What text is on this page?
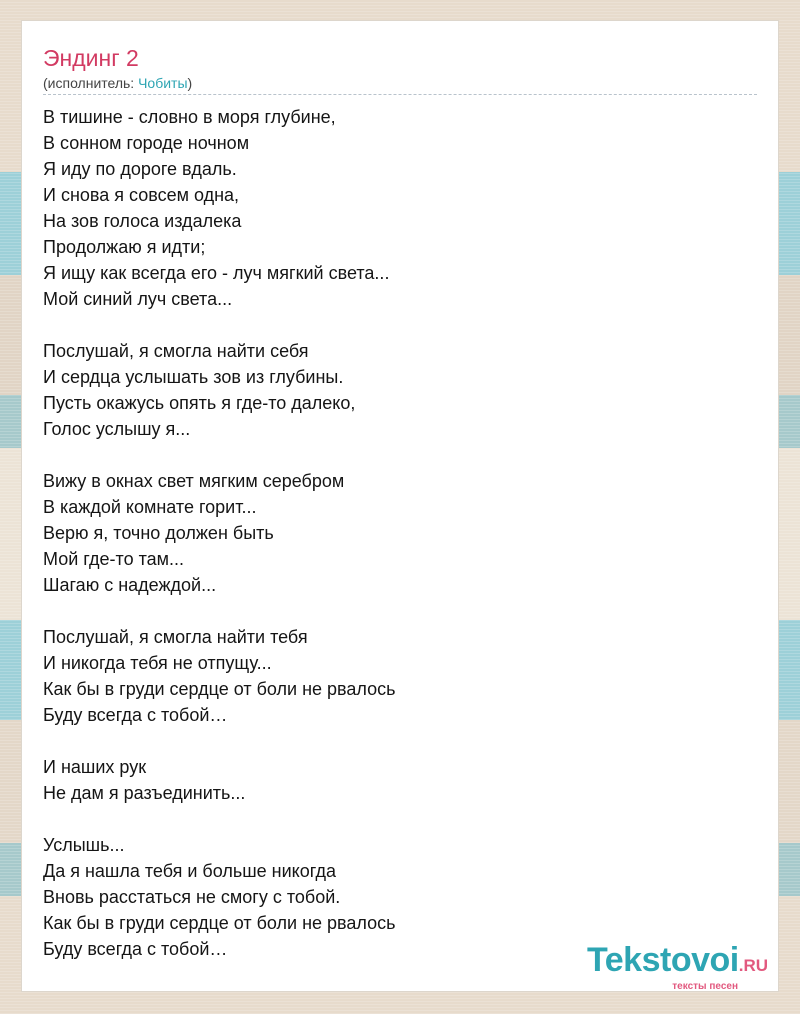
Эндинг 2
(исполнитель: Чобиты)
В тишине - словно в моря глубине,
В сонном городе ночном
Я иду по дороге вдаль.
И снова я совсем одна,
На зов голоса издалека
Продолжаю я идти;
Я ищу как всегда его - луч мягкий света...
Мой синий луч света...
Послушай, я смогла найти себя
И сердца услышать зов из глубины.
Пусть окажусь опять я где-то далеко,
Голос услышу я...
Вижу в окнах свет мягким серебром
В каждой комнате горит...
Верю я, точно должен быть
Мой где-то там...
Шагаю с надеждой...
Послушай, я смогла найти тебя
И никогда тебя не отпущу...
Как бы в груди сердце от боли не рвалось
Буду всегда с тобой…
И наших рук
Не дам я разъединить...
Услышь...
Да я нашла тебя и больше никогда
Вновь расстаться не смогу с тобой.
Как бы в груди сердце от боли не рвалось
Буду всегда с тобой…	Tekstovoi.RU
тексты песен
